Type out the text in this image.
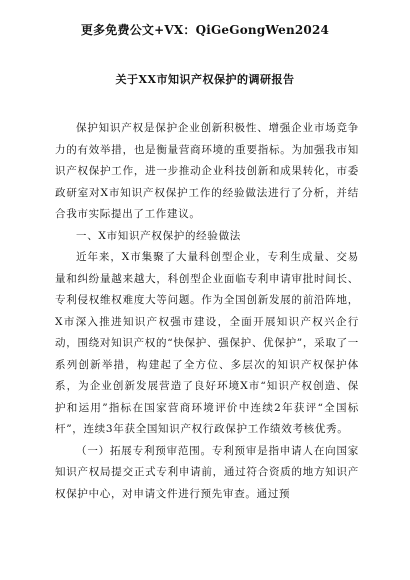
更多免费公文+VX：QiGeGongWen2024
关于XX市知识产权保护的调研报告

保护知识产权是保护企业创新积极性、增强企业市场竞争力的有效举措，也是衡量营商环境的重要指标。为加强我市知识产权保护工作，进一步推动企业科技创新和成果转化，市委政研室对X市知识产权保护工作的经验做法进行了分析，并结合我市实际提出了工作建议。

一、X市知识产权保护的经验做法

近年来，X市集聚了大量科创型企业，专利生成量、交易量和纠纷量越来越大，科创型企业面临专利申请审批时间长、专利侵权维权难度大等问题。作为全国创新发展的前沿阵地，X市深入推进知识产权强市建设，全面开展知识产权兴企行动，围绕对知识产权的“快保护、强保护、优保护”，采取了一系列创新举措，构建起了全方位、多层次的知识产权保护体系，为企业创新发展营造了良好环境X市“知识产权创造、保护和运用”指标在国家营商环境评价中连续2年获评“全国标杆”，连续3年获全国知识产权行政保护工作绩效考核优秀。

（一）拓展专利预审范围。专利预审是指申请人在向国家知识产权局提交正式专利申请前，通过符合资质的地方知识产权保护中心，对申请文件进行预先审查。通过预
